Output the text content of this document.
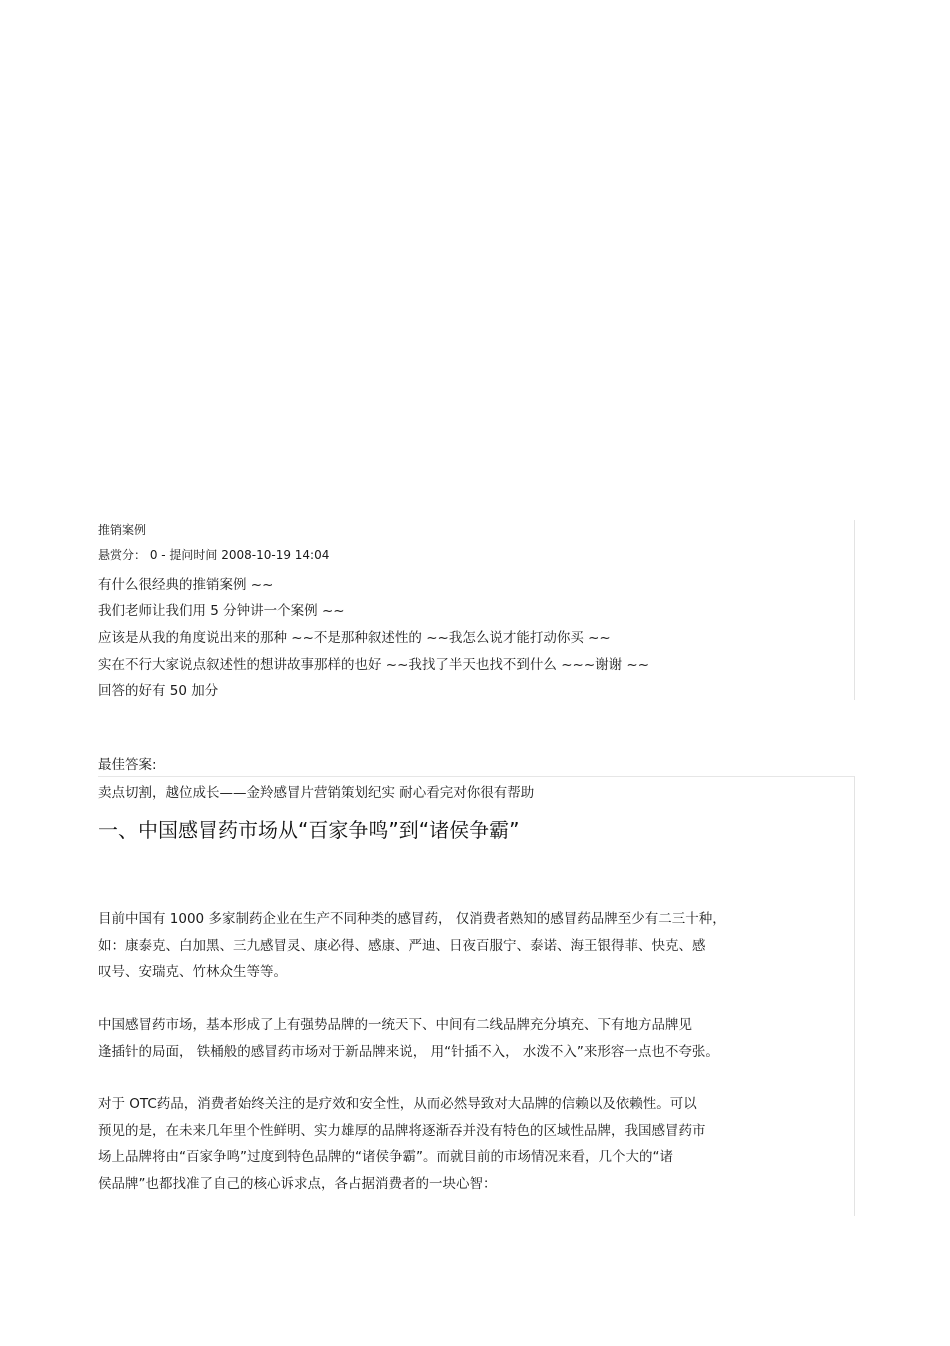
推销案例
悬赏分： 0 - 提问时间 2008-10-19 14:04
有什么很经典的推销案例 ~~
我们老师让我们用 5 分钟讲一个案例 ~~
应该是从我的角度说出来的那种 ~~不是那种叙述性的 ~~我怎么说才能打动你买 ~~
实在不行大家说点叙述性的想讲故事那样的也好 ~~我找了半天也找不到什么 ~~~谢谢 ~~
回答的好有 50 加分
最佳答案:
卖点切割，越位成长——金羚感冒片营销策划纪实 耐心看完对你很有帮助
一、中国感冒药市场从“百家争鸣”到“诸侯争霸”
目前中国有 1000 多家制药企业在生产不同种类的感冒药， 仅消费者熟知的感冒药品牌至少有二三十种，
如：康泰克、白加黑、三九感冒灵、康必得、感康、严迪、日夜百服宁、泰诺、海王银得菲、快克、感
叹号、安瑞克、竹林众生等等。
中国感冒药市场，基本形成了上有强势品牌的一统天下、中间有二线品牌充分填充、下有地方品牌见
逢插针的局面， 铁桶般的感冒药市场对于新品牌来说， 用“针插不入， 水泼不入”来形容一点也不夸张。
对于 OTC药品，消费者始终关注的是疗效和安全性，从而必然导致对大品牌的信赖以及依赖性。可以
预见的是，在未来几年里个性鲜明、实力雄厚的品牌将逐渐吞并没有特色的区域性品牌，我国感冒药市
场上品牌将由“百家争鸣”过度到特色品牌的“诸侯争霸”。而就目前的市场情况来看，几个大的“诸
侯品牌”也都找准了自己的核心诉求点，各占据消费者的一块心智：
